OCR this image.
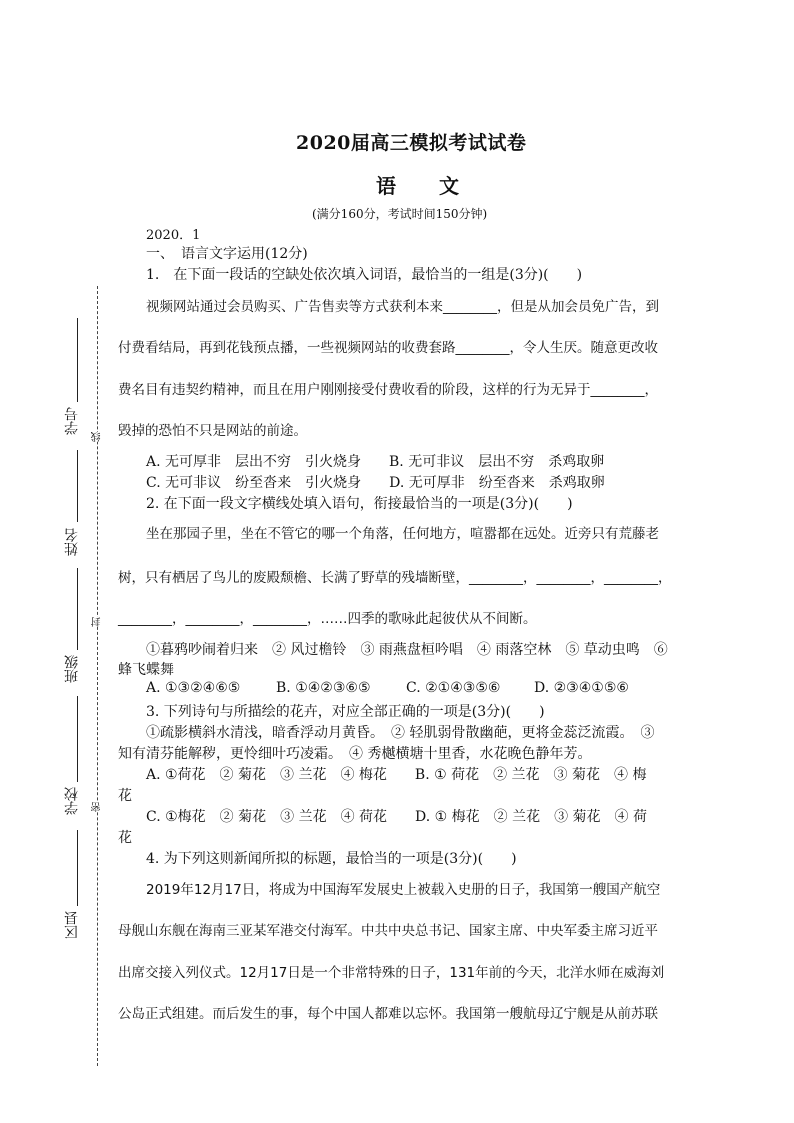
学号
姓名
班级
学校
区县
线
封
密
2020届高三模拟考试试卷
语 文
(满分160分，考试时间150分钟)
2020．1
一、　语言文字运用(12分)
1.　在下面一段话的空缺处依次填入词语，最恰当的一组是(3分)(　　)
视频网站通过会员购买、广告售卖等方式获利本来________，但是从加会员免广告，到
付费看结局，再到花钱预点播，一些视频网站的收费套路________，令人生厌。随意更改收
费名目有违契约精神，而且在用户刚刚接受付费收看的阶段，这样的行为无异于________，
毁掉的恐怕不只是网站的前途。
A. 无可厚非　层出不穷　引火烧身　　B. 无可非议　层出不穷　杀鸡取卵
C. 无可非议　纷至沓来　引火烧身　　D. 无可厚非　纷至沓来　杀鸡取卵
2. 在下面一段文字横线处填入语句，衔接最恰当的一项是(3分)(　　)
坐在那园子里，坐在不管它的哪一个角落，任何地方，喧嚣都在远处。近旁只有荒藤老
树，只有栖居了鸟儿的废殿颓檐、长满了野草的残墙断壁，________，________，________，
________，________，________，……四季的歌咏此起彼伏从不间断。
①暮鸦吵闹着归来　② 风过檐铃　③ 雨燕盘桓吟唱　④ 雨落空林　⑤ 草动虫鸣　⑥
蜂飞蝶舞
A. ①③②④⑥⑤	B. ①④②③⑥⑤	C. ②①④③⑤⑥ D. ②③④①⑤⑥
3. 下列诗句与所描绘的花卉，对应全部正确的一项是(3分)(　　)
①疏影横斜水清浅，暗香浮动月黄昏。　② 轻肌弱骨散幽葩，更将金蕊泛流霞。　③
知有清芬能解秽，更怜细叶巧凌霜。　④ 秀樾横塘十里香，水花晚色静年芳。
A. ①荷花　② 菊花　③ 兰花　④ 梅花　　B. ① 荷花　② 兰花　③ 菊花　④ 梅
花
C. ①梅花　② 菊花　③ 兰花　④ 荷花　　D. ① 梅花　② 兰花　③ 菊花　④ 荷
花
4. 为下列这则新闻所拟的标题，最恰当的一项是(3分)(　　)
2019年12月17日，将成为中国海军发展史上被载入史册的日子，我国第一艘国产航空
母舰山东舰在海南三亚某军港交付海军。中共中央总书记、国家主席、中央军委主席习近平
出席交接入列仪式。12月17日是一个非常特殊的日子，131年前的今天，北洋水师在威海刘
公岛正式组建。而后发生的事，每个中国人都难以忘怀。我国第一艘航母辽宁舰是从前苏联
